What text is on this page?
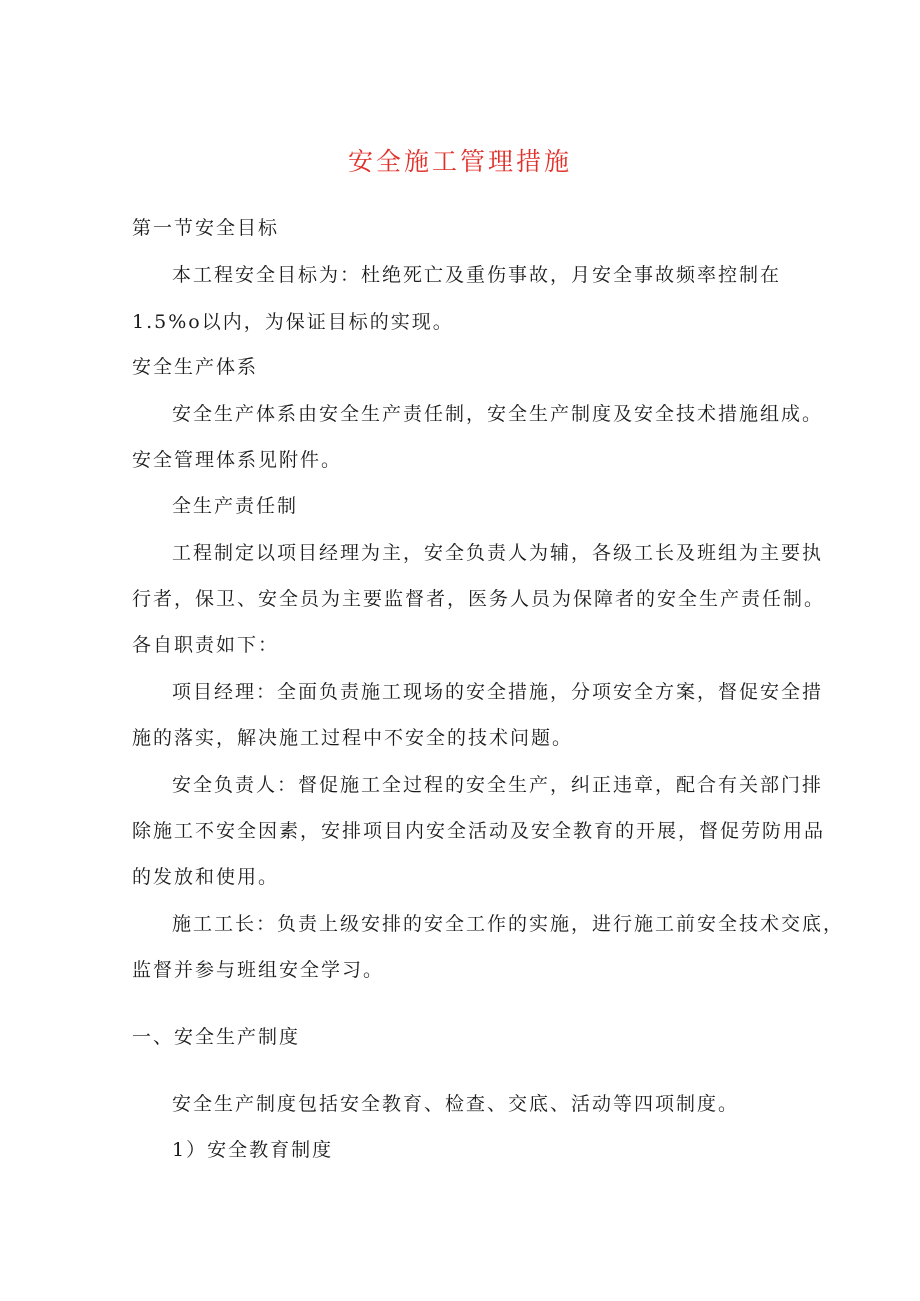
安全施工管理措施
第一节安全目标
本工程安全目标为：杜绝死亡及重伤事故，月安全事故频率控制在
1.5%o以内，为保证目标的实现。
安全生产体系
安全生产体系由安全生产责任制，安全生产制度及安全技术措施组成。
安全管理体系见附件。
全生产责任制
工程制定以项目经理为主，安全负责人为辅，各级工长及班组为主要执
行者，保卫、安全员为主要监督者，医务人员为保障者的安全生产责任制。
各自职责如下：
项目经理：全面负责施工现场的安全措施，分项安全方案，督促安全措
施的落实，解决施工过程中不安全的技术问题。
安全负责人：督促施工全过程的安全生产，纠正违章，配合有关部门排
除施工不安全因素，安排项目内安全活动及安全教育的开展，督促劳防用品
的发放和使用。
施工工长：负责上级安排的安全工作的实施，进行施工前安全技术交底，
监督并参与班组安全学习。
一、安全生产制度
安全生产制度包括安全教育、检查、交底、活动等四项制度。
1）安全教育制度
